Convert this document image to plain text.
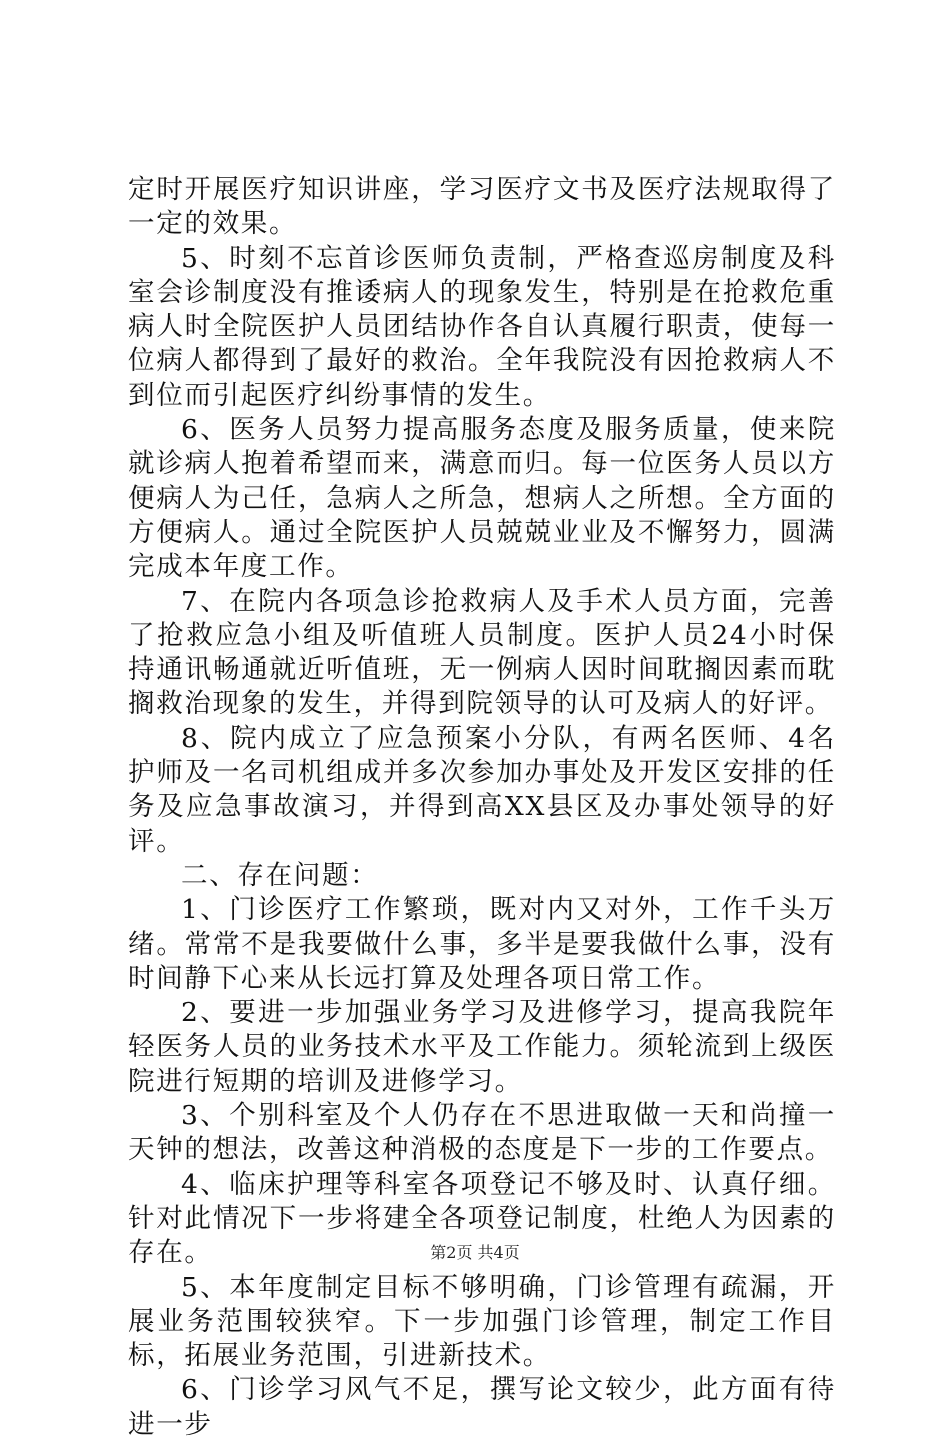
定时开展医疗知识讲座，学习医疗文书及医疗法规取得了一定的效果。

5、时刻不忘首诊医师负责制，严格查巡房制度及科室会诊制度没有推诿病人的现象发生，特别是在抢救危重病人时全院医护人员团结协作各自认真履行职责，使每一位病人都得到了最好的救治。全年我院没有因抢救病人不到位而引起医疗纠纷事情的发生。

6、医务人员努力提高服务态度及服务质量，使来院就诊病人抱着希望而来，满意而归。每一位医务人员以方便病人为己任，急病人之所急，想病人之所想。全方面的方便病人。通过全院医护人员兢兢业业及不懈努力，圆满完成本年度工作。

7、在院内各项急诊抢救病人及手术人员方面，完善了抢救应急小组及听值班人员制度。医护人员24小时保持通讯畅通就近听值班，无一例病人因时间耽搁因素而耽搁救治现象的发生，并得到院领导的认可及病人的好评。

8、院内成立了应急预案小分队，有两名医师、4名护师及一名司机组成并多次参加办事处及开发区安排的任务及应急事故演习，并得到高XX县区及办事处领导的好评。

二、存在问题：

1、门诊医疗工作繁琐，既对内又对外，工作千头万绪。常常不是我要做什么事，多半是要我做什么事，没有时间静下心来从长远打算及处理各项日常工作。

2、要进一步加强业务学习及进修学习，提高我院年轻医务人员的业务技术水平及工作能力。须轮流到上级医院进行短期的培训及进修学习。

3、个别科室及个人仍存在不思进取做一天和尚撞一天钟的想法，改善这种消极的态度是下一步的工作要点。

4、临床护理等科室各项登记不够及时、认真仔细。针对此情况下一步将建全各项登记制度，杜绝人为因素的存在。

5、本年度制定目标不够明确，门诊管理有疏漏，开展业务范围较狭窄。下一步加强门诊管理，制定工作目标，拓展业务范围，引进新技术。

6、门诊学习风气不足，撰写论文较少，此方面有待进一步

第2页 共4页
